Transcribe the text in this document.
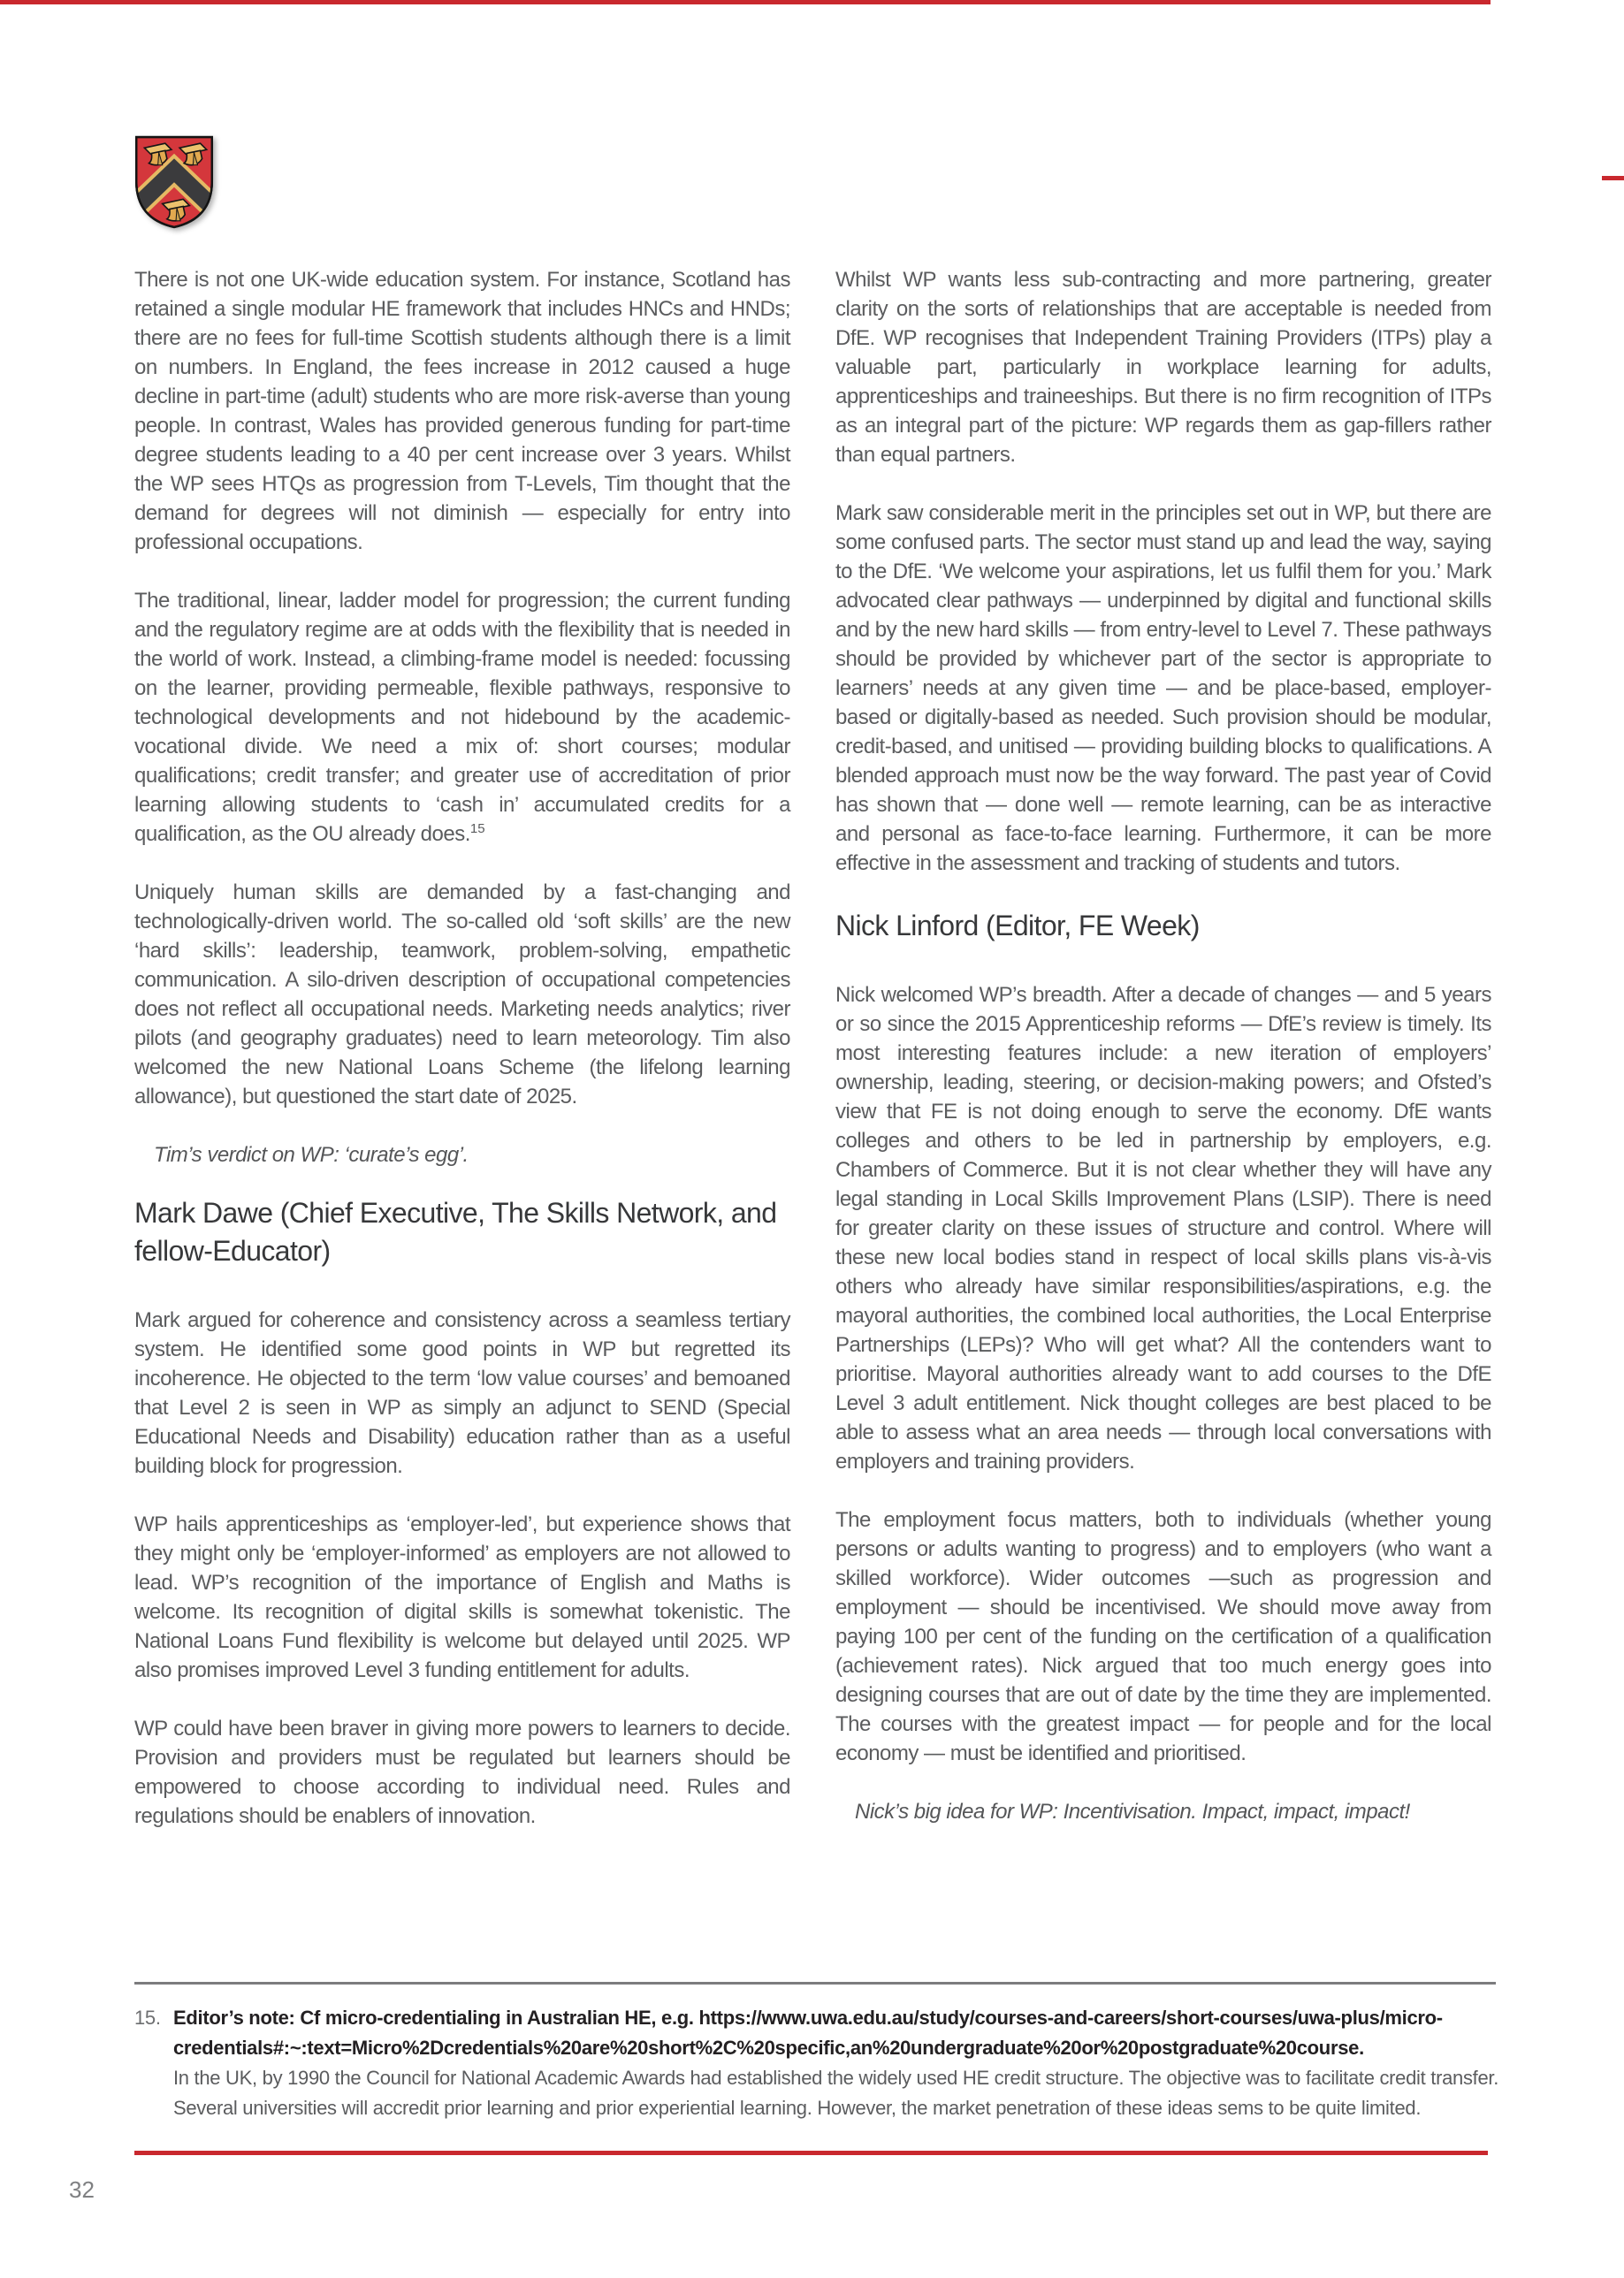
There is not one UK-wide education system. For instance, Scotland has retained a single modular HE framework that includes HNCs and HNDs; there are no fees for full-time Scottish students although there is a limit on numbers. In England, the fees increase in 2012 caused a huge decline in part-time (adult) students who are more risk-averse than young people. In contrast, Wales has provided generous funding for part-time degree students leading to a 40 per cent increase over 3 years. Whilst the WP sees HTQs as progression from T-Levels, Tim thought that the demand for degrees will not diminish — especially for entry into professional occupations.

The traditional, linear, ladder model for progression; the current funding and the regulatory regime are at odds with the flexibility that is needed in the world of work. Instead, a climbing-frame model is needed: focussing on the learner, providing permeable, flexible pathways, responsive to technological developments and not hidebound by the academic-vocational divide. We need a mix of: short courses; modular qualifications; credit transfer; and greater use of accreditation of prior learning allowing students to ‘cash in’ accumulated credits for a qualification, as the OU already does.$^{15}$

Uniquely human skills are demanded by a fast-changing and technologically-driven world. The so-called old ‘soft skills’ are the new ‘hard skills’: leadership, teamwork, problem-solving, empathetic communication. A silo-driven description of occupational competencies does not reflect all occupational needs. Marketing needs analytics; river pilots (and geography graduates) need to learn meteorology. Tim also welcomed the new National Loans Scheme (the lifelong learning allowance), but questioned the start date of 2025.

Tim’s verdict on WP: ‘curate’s egg’.

Mark Dawe (Chief Executive, The Skills Network, and fellow-Educator)

Mark argued for coherence and consistency across a seamless tertiary system. He identified some good points in WP but regretted its incoherence. He objected to the term ‘low value courses’ and bemoaned that Level 2 is seen in WP as simply an adjunct to SEND (Special Educational Needs and Disability) education rather than as a useful building block for progression.

WP hails apprenticeships as ‘employer-led’, but experience shows that they might only be ‘employer-informed’ as employers are not allowed to lead. WP’s recognition of the importance of English and Maths is welcome. Its recognition of digital skills is somewhat tokenistic. The National Loans Fund flexibility is welcome but delayed until 2025. WP also promises improved Level 3 funding entitlement for adults.

WP could have been braver in giving more powers to learners to decide. Provision and providers must be regulated but learners should be empowered to choose according to individual need. Rules and regulations should be enablers of innovation.

Whilst WP wants less sub-contracting and more partnering, greater clarity on the sorts of relationships that are acceptable is needed from DfE. WP recognises that Independent Training Providers (ITPs) play a valuable part, particularly in workplace learning for adults, apprenticeships and traineeships. But there is no firm recognition of ITPs as an integral part of the picture: WP regards them as gap-fillers rather than equal partners.

Mark saw considerable merit in the principles set out in WP, but there are some confused parts. The sector must stand up and lead the way, saying to the DfE. ‘We welcome your aspirations, let us fulfil them for you.’ Mark advocated clear pathways — underpinned by digital and functional skills and by the new hard skills — from entry-level to Level 7. These pathways should be provided by whichever part of the sector is appropriate to learners’ needs at any given time — and be place-based, employer-based or digitally-based as needed. Such provision should be modular, credit-based, and unitised — providing building blocks to qualifications. A blended approach must now be the way forward. The past year of Covid has shown that — done well — remote learning, can be as interactive and personal as face-to-face learning. Furthermore, it can be more effective in the assessment and tracking of students and tutors.

Nick Linford (Editor, FE Week)

Nick welcomed WP’s breadth. After a decade of changes — and 5 years or so since the 2015 Apprenticeship reforms — DfE’s review is timely. Its most interesting features include: a new iteration of employers’ ownership, leading, steering, or decision-making powers; and Ofsted’s view that FE is not doing enough to serve the economy. DfE wants colleges and others to be led in partnership by employers, e.g. Chambers of Commerce. But it is not clear whether they will have any legal standing in Local Skills Improvement Plans (LSIP). There is need for greater clarity on these issues of structure and control. Where will these new local bodies stand in respect of local skills plans vis-à-vis others who already have similar responsibilities/aspirations, e.g. the mayoral authorities, the combined local authorities, the Local Enterprise Partnerships (LEPs)? Who will get what? All the contenders want to prioritise. Mayoral authorities already want to add courses to the DfE Level 3 adult entitlement. Nick thought colleges are best placed to be able to assess what an area needs — through local conversations with employers and training providers.

The employment focus matters, both to individuals (whether young persons or adults wanting to progress) and to employers (who want a skilled workforce). Wider outcomes —such as progression and employment — should be incentivised. We should move away from paying 100 per cent of the funding on the certification of a qualification (achievement rates). Nick argued that too much energy goes into designing courses that are out of date by the time they are implemented. The courses with the greatest impact — for people and for the local economy — must be identified and prioritised.

Nick’s big idea for WP: Incentivisation. Impact, impact, impact!

15. Editor’s note: Cf micro-credentialing in Australian HE, e.g. https://www.uwa.edu.au/study/courses-and-careers/short-courses/uwa-plus/micro-
credentials#:~:text=Micro%2Dcredentials%20are%20short%2C%20specific,an%20undergraduate%20or%20postgraduate%20course.
In the UK, by 1990 the Council for National Academic Awards had established the widely used HE credit structure. The objective was to facilitate credit transfer.
Several universities will accredit prior learning and prior experiential learning. However, the market penetration of these ideas sems to be quite limited.
32
